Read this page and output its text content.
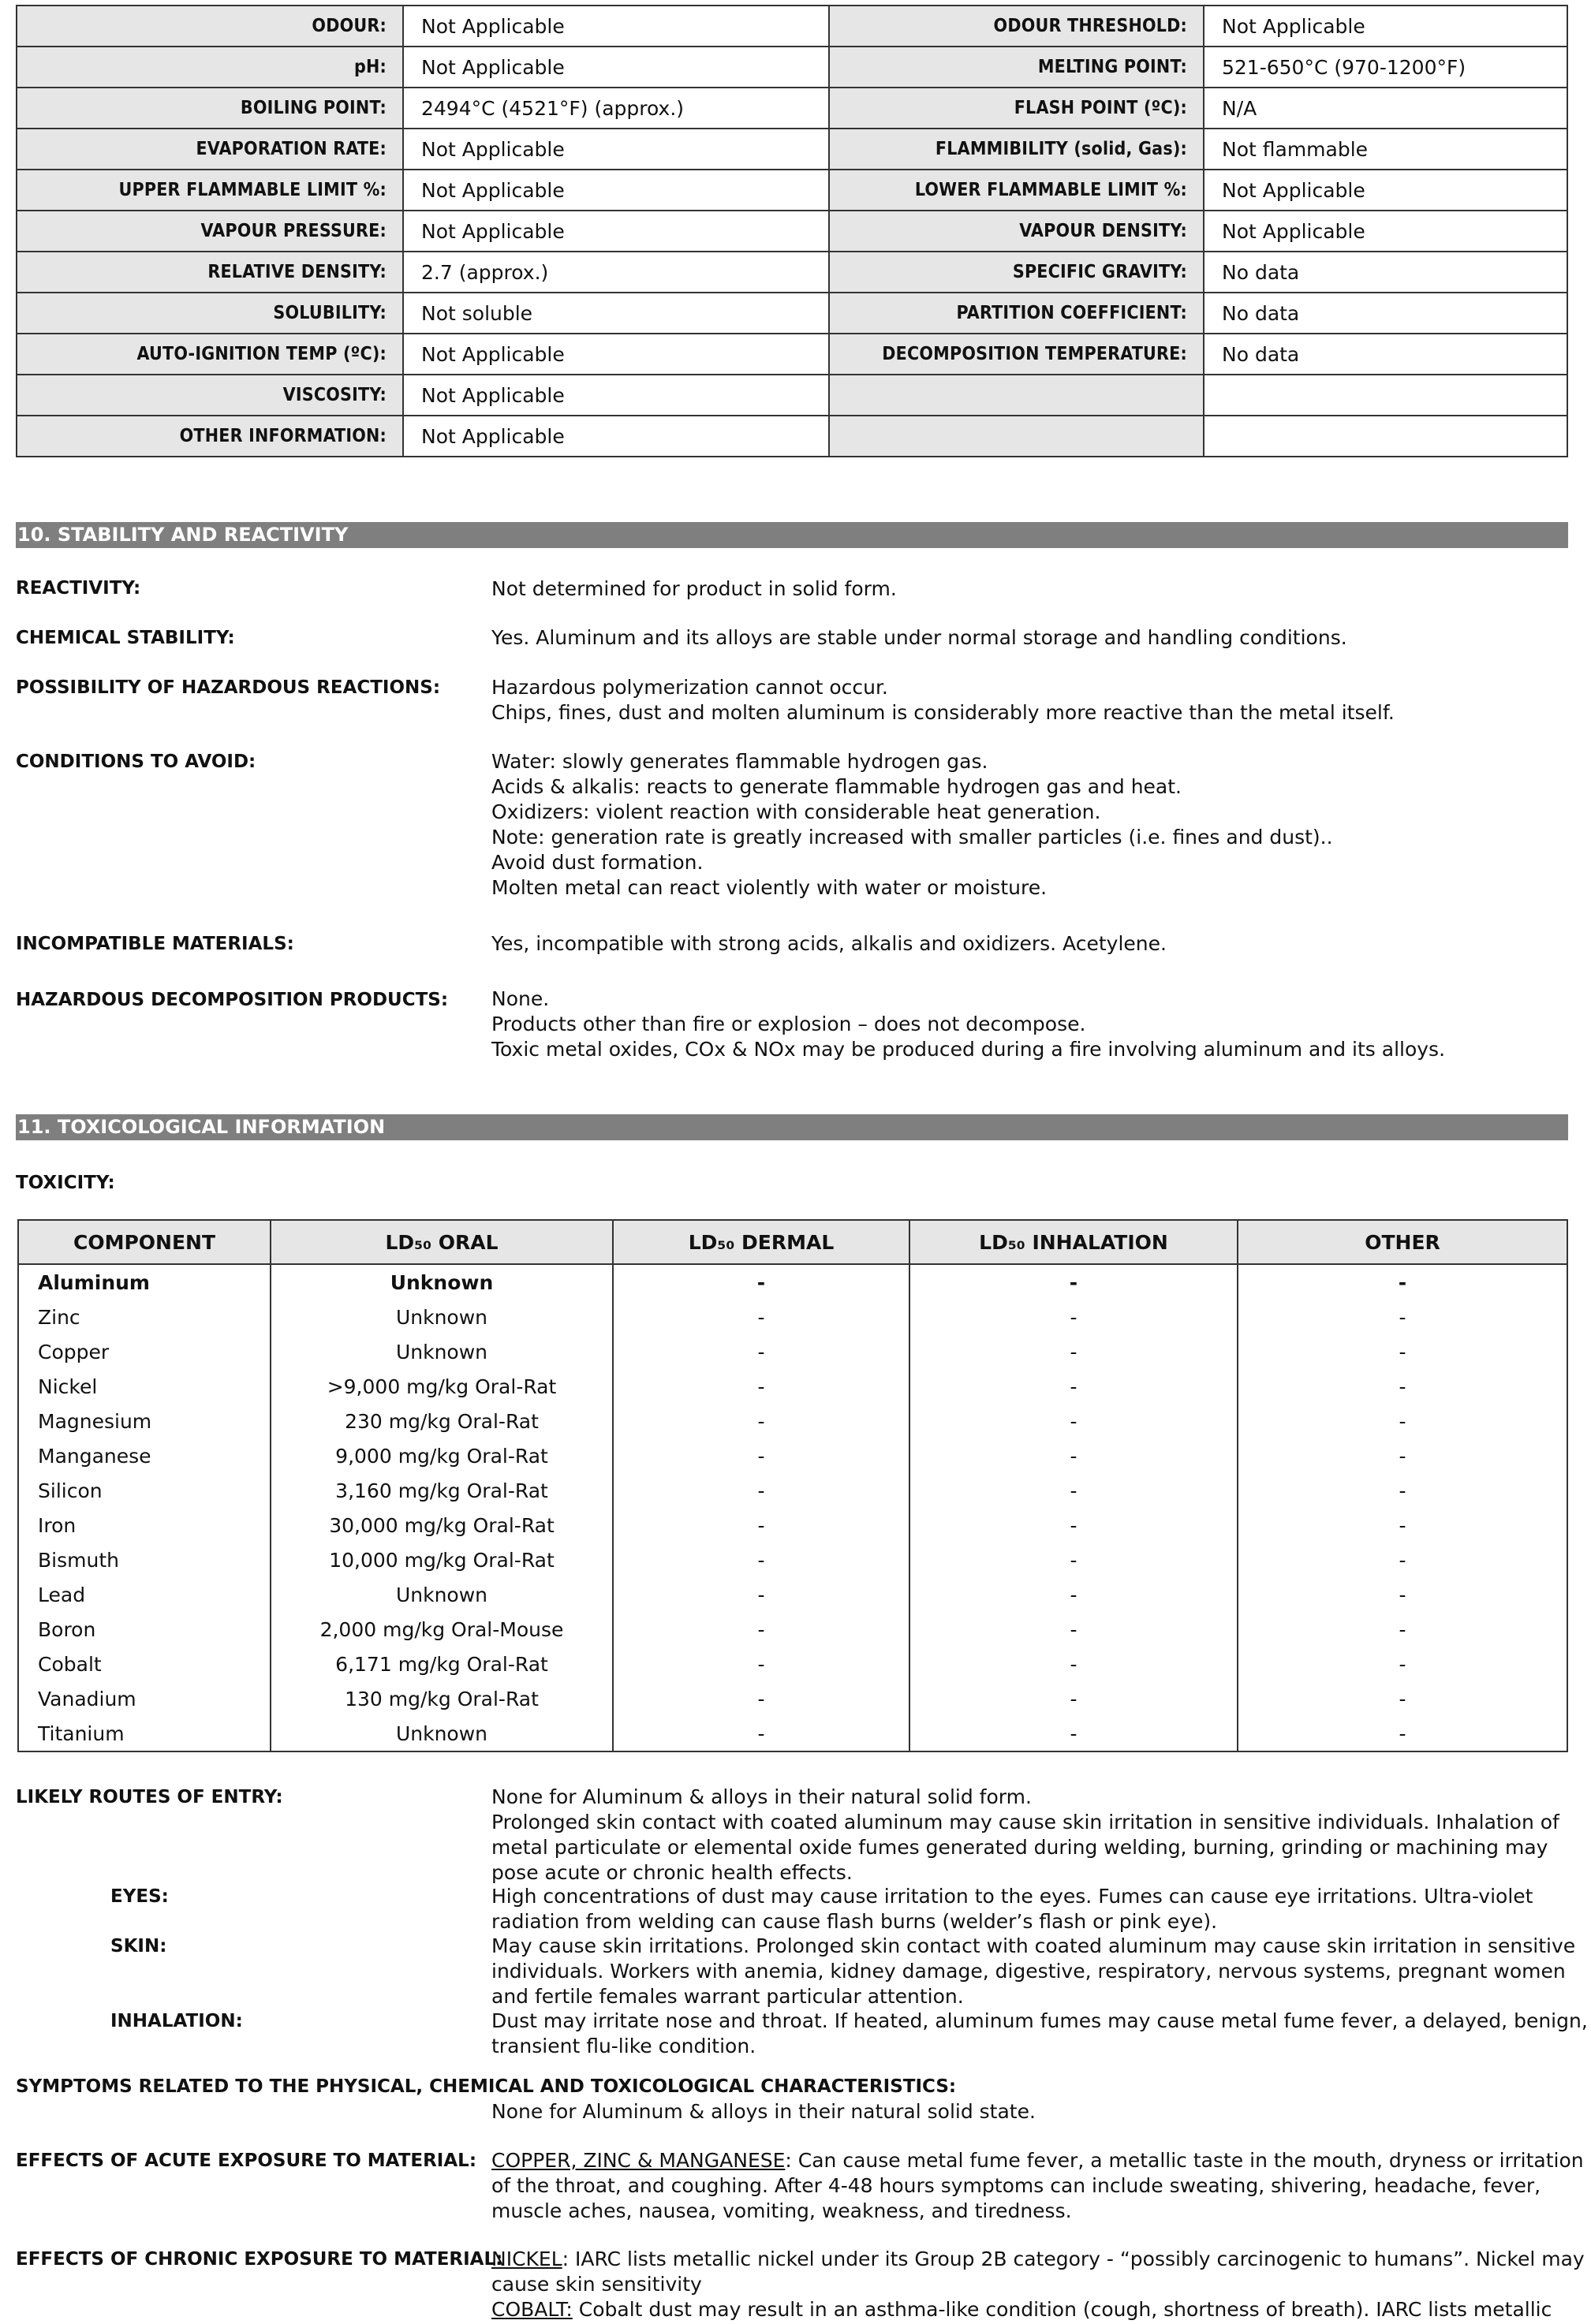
ODOUR:	Not Applicable	ODOUR THRESHOLD:	Not Applicable
pH:	Not Applicable	MELTING POINT:	521-650°C (970-1200°F)
BOILING POINT:	2494°C (4521°F) (approx.)	FLASH POINT (ºC):	N/A
EVAPORATION RATE:	Not Applicable	FLAMMIBILITY (solid, Gas):	Not flammable
UPPER FLAMMABLE LIMIT %:	Not Applicable	LOWER FLAMMABLE LIMIT %:	Not Applicable
VAPOUR PRESSURE:	Not Applicable	VAPOUR DENSITY:	Not Applicable
RELATIVE DENSITY:	2.7 (approx.)	SPECIFIC GRAVITY:	No data
SOLUBILITY:	Not soluble	PARTITION COEFFICIENT:	No data
AUTO-IGNITION TEMP (ºC):	Not Applicable	DECOMPOSITION TEMPERATURE:	No data
VISCOSITY:	Not Applicable		
OTHER INFORMATION:	Not Applicable		
10. STABILITY AND REACTIVITY
REACTIVITY:	Not determined for product in solid form.
CHEMICAL STABILITY:	Yes. Aluminum and its alloys are stable under normal storage and handling conditions.
POSSIBILITY OF HAZARDOUS REACTIONS:	Hazardous polymerization cannot occur.
Chips, fines, dust and molten aluminum is considerably more reactive than the metal itself.
CONDITIONS TO AVOID:	Water: slowly generates flammable hydrogen gas.
Acids & alkalis: reacts to generate flammable hydrogen gas and heat.
Oxidizers: violent reaction with considerable heat generation.
Note: generation rate is greatly increased with smaller particles (i.e. fines and dust)..
Avoid dust formation.
Molten metal can react violently with water or moisture.
INCOMPATIBLE MATERIALS:	Yes, incompatible with strong acids, alkalis and oxidizers. Acetylene.
HAZARDOUS DECOMPOSITION PRODUCTS: None.
Products other than fire or explosion – does not decompose.
Toxic metal oxides, COx & NOx may be produced during a fire involving aluminum and its alloys.
11. TOXICOLOGICAL INFORMATION
TOXICITY:
COMPONENT	LD₅₀ ORAL	LD₅₀ DERMAL	LD₅₀ INHALATION	OTHER
Aluminum	Unknown	-	-	-
Zinc	Unknown	-	-	-
Copper	Unknown	-	-	-
Nickel	>9,000 mg/kg Oral-Rat	-	-	-
Magnesium	230 mg/kg Oral-Rat	-	-	-
Manganese	9,000 mg/kg Oral-Rat	-	-	-
Silicon	3,160 mg/kg Oral-Rat	-	-	-
Iron	30,000 mg/kg Oral-Rat	-	-	-
Bismuth	10,000 mg/kg Oral-Rat	-	-	-
Lead	Unknown	-	-	-
Boron	2,000 mg/kg Oral-Mouse	-	-	-
Cobalt	6,171 mg/kg Oral-Rat	-	-	-
Vanadium	130 mg/kg Oral-Rat	-	-	-
Titanium	Unknown	-	-	-
LIKELY ROUTES OF ENTRY:	None for Aluminum & alloys in their natural solid form.
Prolonged skin contact with coated aluminum may cause skin irritation in sensitive individuals. Inhalation of
metal particulate or elemental oxide fumes generated during welding, burning, grinding or machining may
pose acute or chronic health effects.
EYES:	High concentrations of dust may cause irritation to the eyes. Fumes can cause eye irritations. Ultra-violet
radiation from welding can cause flash burns (welder’s flash or pink eye).
SKIN:	May cause skin irritations. Prolonged skin contact with coated aluminum may cause skin irritation in sensitive
individuals. Workers with anemia, kidney damage, digestive, respiratory, nervous systems, pregnant women
and fertile females warrant particular attention.
INHALATION:	Dust may irritate nose and throat. If heated, aluminum fumes may cause metal fume fever, a delayed, benign,
transient flu-like condition.
SYMPTOMS RELATED TO THE PHYSICAL, CHEMICAL AND TOXICOLOGICAL CHARACTERISTICS:
None for Aluminum & alloys in their natural solid state.
EFFECTS OF ACUTE EXPOSURE TO MATERIAL: COPPER, ZINC & MANGANESE: Can cause metal fume fever, a metallic taste in the mouth, dryness or irritation
of the throat, and coughing. After 4-48 hours symptoms can include sweating, shivering, headache, fever,
muscle aches, nausea, vomiting, weakness, and tiredness.
EFFECTS OF CHRONIC EXPOSURE TO MATERIAL:
NICKEL: IARC lists metallic nickel under its Group 2B category - “possibly carcinogenic to humans”. Nickel may
cause skin sensitivity
COBALT: Cobalt dust may result in an asthma-like condition (cough, shortness of breath). IARC lists metallic
